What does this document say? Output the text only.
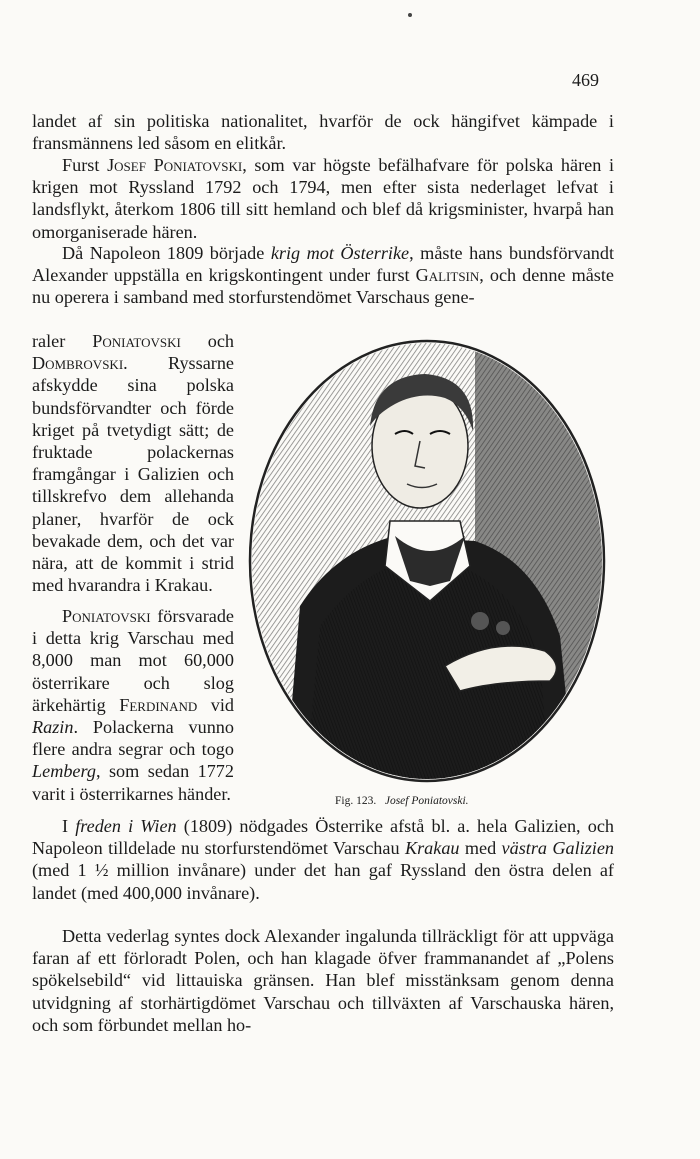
469

landet af sin politiska nationalitet, hvarför de ock hängifvet kämpade i fransmännens led såsom en elitkår.

Furst Josef Poniatovski, som var högste befälhafvare för polska hären i krigen mot Ryssland 1792 och 1794, men efter sista nederlaget lefvat i landsflykt, återkom 1806 till sitt hemland och blef då krigsminister, hvarpå han omorganiserade hären.

Då Napoleon 1809 började krig mot Österrike, måste hans bundsförvandt Alexander uppställa en krigskontingent under furst Galitsin, och denne måste nu operera i samband med storfurstendömet Varschaus gene-

raler Poniatovski och Dombrovski. Ryssarne afskydde sina polska bundsförvandter och förde kriget på tvetydigt sätt; de fruktade polackernas framgångar i Galizien och tillskrefvo dem allehanda planer, hvarför de ock bevakade dem, och det var nära, att de kommit i strid med hvarandra i Krakau.

Poniatovski försvarade i detta krig Varschau med 8,000 man mot 60,000 österrikare och slog ärkehärtig Ferdinand vid Razin. Polackerna vunno flere andra segrar och togo Lemberg, som sedan 1772 varit i österrikarnes händer.	Fig. 123. Josef Poniatovski.

I freden i Wien (1809) nödgades Österrike afstå bl. a. hela Galizien, och Napoleon tilldelade nu storfurstendömet Varschau Krakau med västra Galizien (med 1 ½ million invånare) under det han gaf Ryssland den östra delen af landet (med 400,000 invånare).

Detta vederlag syntes dock Alexander ingalunda tillräckligt för att uppväga faran af ett förloradt Polen, och han klagade öfver frammanandet af „Polens spökelsebild“ vid littauiska gränsen. Han blef misstänksam genom denna utvidgning af storhärtigdömet Varschau och tillväxten af Varschauska hären, och som förbundet mellan ho-
